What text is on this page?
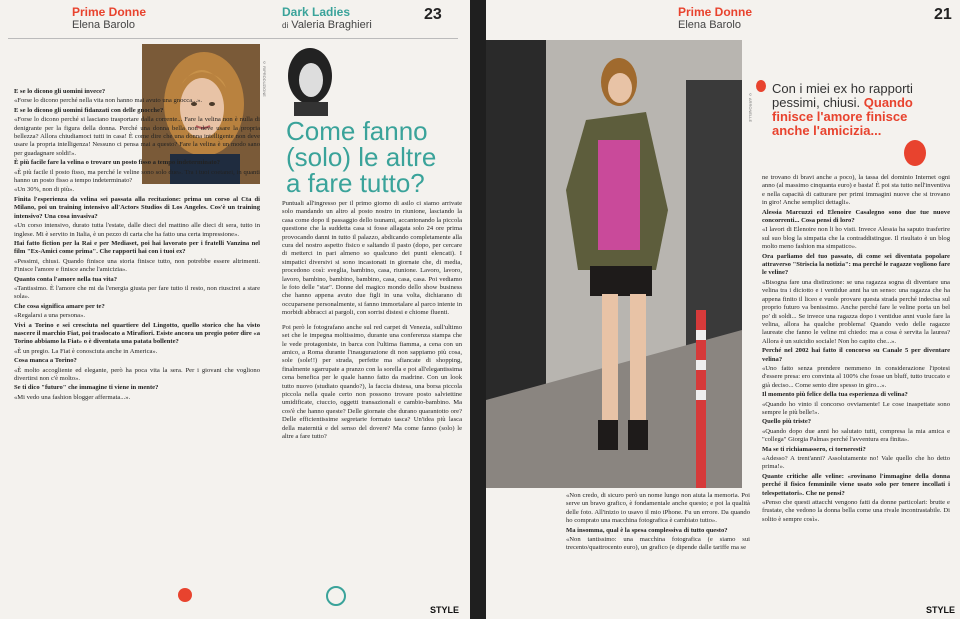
Prime Donne
Elena Barolo
Dark Ladies
di Valeria Braghieri
23
© RIPRODUZIONE

E se lo dicono gli uomini invece?

«Forse lo dicono perché nella vita non hanno mai avuto una gnocca...».

E se lo dicono gli uomini fidanzati con delle gnocche?

«Forse lo dicono perché si lasciano trasportare dalla corrente... Fare la velina non è nulla di denigrante per la figura della donna. Perché una donna bella non deve usare la propria bellezza? Allora chiudiamoci tutti in casa! È come dire che una donna intelligente non deve usare la propria intelligenza! Nessuno ci pensa mai a questo? Fare la velina è un modo sano per guadagnare soldi!».

È più facile fare la velina o trovare un posto fisso a tempo indeterminato?

«È più facile il posto fisso, ma perché le veline sono solo due». Tra i tuoi coetanei, in quanti hanno un posto fisso a tempo indeterminato?

«Un 30%, non di più».

Finita l'esperienza da velina sei passata alla recitazione: prima un corso al Cta di Milano, poi un training intensivo all'Actors Studios di Los Angeles. Cos'è un training intensivo? Una cosa invasiva?

«Un corso intensivo, durato tutta l'estate, dalle dieci del mattino alle dieci di sera, tutto in inglese. Mi è servito in Italia, è un pezzo di carta che ha fatto una certa impressione».

Hai fatto fiction per la Rai e per Mediaset, poi hai lavorato per i fratelli Vanzina nel film "Ex-Amici come prima". Che rapporti hai con i tuoi ex?

«Pessimi, chiusi. Quando finisce una storia finisce tutto, non potrebbe essere altrimenti. Finisce l'amore e finisce anche l'amicizia».

Quanto conta l'amore nella tua vita?

«Tantissimo. È l'amore che mi da l'energia giusta per fare tutto il resto, non riuscirei a stare sola».

Che cosa significa amare per te?

«Regalarsi a una persona».

Vivi a Torino e sei cresciuta nel quartiere del Lingotto, quello storico che ha visto nascere il marchio Fiat, poi traslocato a Mirafiori. Esiste ancora un pregio poter dire «a Torino abbiamo la Fiat» o è diventata una patata bollente?

«È un pregio. La Fiat è conosciuta anche in America».

Cosa manca a Torino?

«È molto accogliente ed elegante, però ha poca vita la sera. Per i giovani che vogliono divertirsi non c'è molto».

Se ti dico "futuro" che immagine ti viene in mente?

«Mi vedo una fashion blogger affermata...».

Come fanno (solo) le altre a fare tutto?

Puntuali all'ingresso per il primo giorno di asilo ci siamo arrivate solo mandando un altro al posto nostro in riunione, lasciando la casa come dopo il passaggio dello tsunami, accantonando la piccola questione che la suddetta casa si fosse allagata solo 24 ore prima provocando danni in tutto il palazzo, abdicando completamente alla cura del nostro aspetto fisico e saltando il pasto (dopo, per cercare di metterci in pari almeno so qualcuno dei punti elencati). I simpatici diversivi si sono incastonati in giornate che, di media, procedono così: sveglia, bambino, casa, riunione. Lavoro, lavoro, lavoro, bambino, bambino, bambino, casa, casa, casa. Poi vediamo le foto delle "star". Donne del magico mondo dello show business che hanno appena avuto due figli in una volta, dichiarano di occuparsene personalmente, si fanno immortalare al parco intente in morbidi abbracci ai pargoli, con sorrisi distesi e chiome fluenti.

Poi però le fotografano anche sul red carpet di Venezia, sull'ultimo set che le impegna moltissimo, durante una conferenza stampa che le vede protagoniste, in barca con l'ultima fiamma, a cena con un amico, a Roma durante l'inaugurazione di non sappiamo più cosa, sole (sole!!) per strada, perfette ma sfiancate di shopping, finalmente sgarrupate a pranzo con la sorella e poi all'elegantissima cena benefica per le quale hanno fatto da madrine. Con un look tutto nuovo (studiato quando?), la faccia distesa, una borsa piccola piccola nella quale certo non possono trovare posto salviettine umidificate, ciuccio, oggetti transazionali e cambio-bambino. Ma cos'è che hanno queste? Delle giornate che durano quarantotto ore? Delle efficientissime segretarie formato tasca? Un'idea più lasca della maternità e del senso del dovere? Ma come fanno (solo) le altre a fare tutto?

STYLE
Prime Donne
Elena Barolo
21
© ARRONELLE
Con i miei ex ho rapporti pessimi, chiusi. Quando finisce l'amore finisce anche l'amicizia...

ne trovano di bravi anche a poco), la tassa del dominio Internet ogni anno (al massimo cinquanta euro) e basta! È poi sta tutto nell'inventiva e nella capacità di catturare per primi immagini nuove che si trovano in giro! Anche semplici dettagli».

Alessia Marcuzzi ed Elenoire Casalegno sono due tue nuove concorrenti... Cosa pensi di loro?

«I lavori di Elenoire non li ho visti. Invece Alessia ha saputo trasferire sul suo blog la simpatia che la contraddistingue. Il risultato è un blog molto meno fashion ma simpatico».

Ora parliamo del tuo passato, di come sei diventata popolare attraverso "Striscia la notizia": ma perché le ragazze vogliono fare le veline?

«Bisogna fare una distinzione: se una ragazza sogna di diventare una velina tra i diciotto e i ventidue anni ha un senso: una ragazza che ha appena finito il liceo e vuole provare questa strada perché indecisa sul proprio futuro va benissimo. Anche perché fare le veline porta un bel po' di soldi... Se invece una ragazza dopo i ventidue anni vuole fare la velina, allora ha qualche problema! Quando vedo delle ragazze laureate che fanno le veline mi chiedo: ma a cosa è servita la laurea? Allora è un suicidio sociale! Non ho capito che...».

Perché nel 2002 hai fatto il concorso su Canale 5 per diventare velina?

«Uno fatto senza prendere nemmeno in considerazione l'ipotesi d'essere presa: ero convinta al 100% che fosse un bluff, tutto truccato e già deciso... Come sento dire spesso in giro...».

Il momento più felice della tua esperienza di velina?

«Quando ho vinto il concorso ovviamente! Le cose inaspettate sono sempre le più belle!».

Quello più triste?

«Quando dopo due anni ho salutato tutti, compresa la mia amica e "collega" Giorgia Palmas perché l'avventura era finita».

Ma se ti richiamassero, ci torneresti?

«Adesso? A trent'anni? Assolutamente no! Vale quello che ho detto prima!».

Quante critiche alle veline: «rovinano l'immagine della donna perché il fisico femminile viene usato solo per tenere incollati i telespettatori». Che ne pensi?

«Penso che questi attacchi vengono fatti da donne particolari: brutte e frustate, che vedono la donna bella come una rivale incontrastabile. Di solito è sempre così».

«Non credo, di sicuro però un nome lungo non aiuta la memoria. Poi serve un bravo grafico, è fondamentale anche questo; e poi la qualità delle foto. All'inizio io usavo il mio iPhone. Fu un errore. Da quando ho comprato una macchina fotografica è cambiato tutto».

Ma insomma, qual è la spesa complessiva di tutto questo?

«Non tantissimo: una macchina fotografica (e siamo sui trecento/quattrocento euro), un grafico (e dipende dalle tariffe ma se

STYLE
